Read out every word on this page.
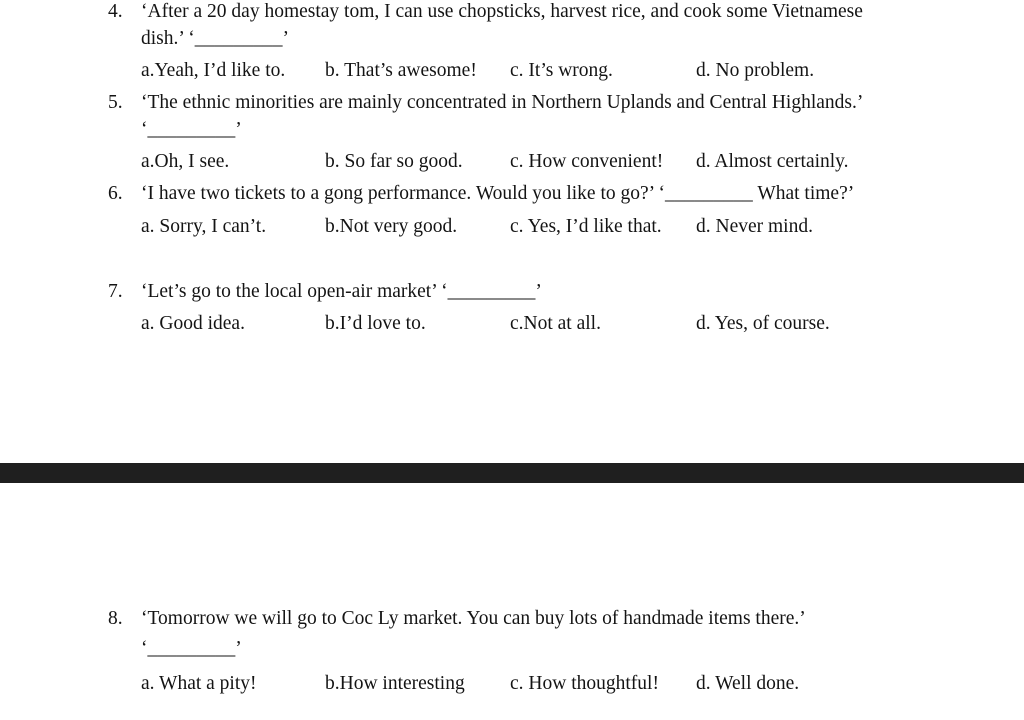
4. ‘After a 20 day homestay tom, I can use chopsticks, harvest rice, and cook some Vietnamese
dish.’ ‘_________’
a.Yeah, I’d like to. b. That’s awesome! c. It’s wrong.	d. No problem.
5. ‘The ethnic minorities are mainly concentrated in Northern Uplands and Central Highlands.’
‘_________’
a.Oh, I see.	b. So far so good. c. How convenient! d. Almost certainly.
6. ‘I have two tickets to a gong performance. Would you like to go?’ ‘_________ What time?’
a. Sorry, I can’t.	b.Not very good.	c. Yes, I’d like that. d. Never mind.
7. ‘Let’s go to the local open-air market’ ‘_________’
a. Good idea.	b.I’d love to.	c.Not at all.	d. Yes, of course.
8. ‘Tomorrow we will go to Coc Ly market. You can buy lots of handmade items there.’
‘_________’
a. What a pity!	b.How interesting c. How thoughtful! d. Well done.
